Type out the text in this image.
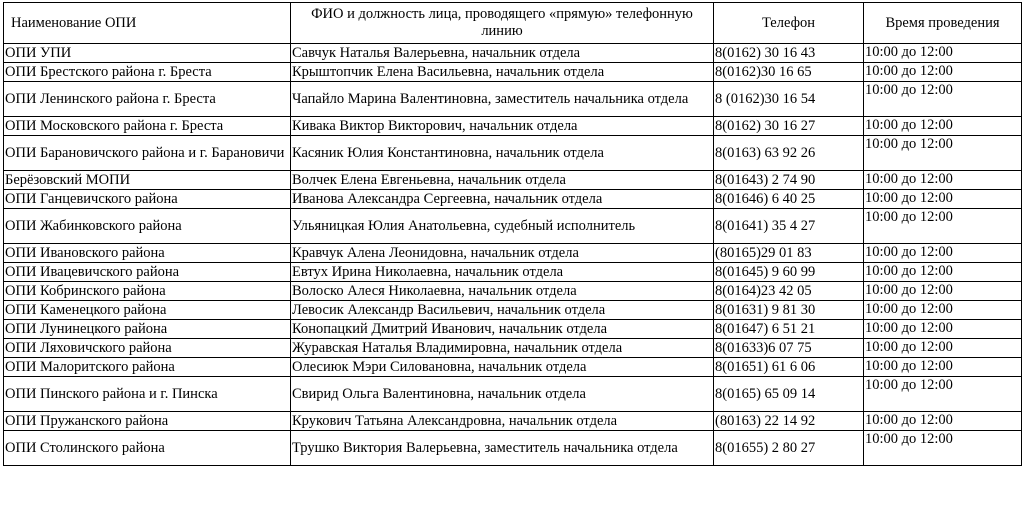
Наименование ОПИ	ФИО и должность лица, проводящего «прямую» телефонную линию	Телефон	Время проведения
ОПИ УПИ	Савчук Наталья Валерьевна, начальник отдела	8(0162) 30 16 43	10:00 до 12:00
ОПИ Брестского района г. Бреста	Крыштопчик Елена Васильевна, начальник отдела	8(0162)30 16 65	10:00 до 12:00
ОПИ Ленинского района г. Бреста	Чапайло Марина Валентиновна, заместитель начальника отдела	8 (0162)30 16 54	10:00 до 12:00
ОПИ Московского района г. Бреста	Кивака Виктор Викторович, начальник отдела	8(0162) 30 16 27	10:00 до 12:00
ОПИ Барановичского района и г. Барановичи	Касяник Юлия Константиновна, начальник отдела	8(0163) 63 92 26	10:00 до 12:00
Берёзовский МОПИ	Волчек Елена Евгеньевна, начальник отдела	8(01643) 2 74 90	10:00 до 12:00
ОПИ Ганцевичского района	Иванова Александра Сергеевна, начальник отдела	8(01646) 6 40 25	10:00 до 12:00
ОПИ Жабинковского района	Ульяницкая Юлия Анатольевна, судебный исполнитель	8(01641) 35 4 27	10:00 до 12:00
ОПИ Ивановского района	Кравчук Алена Леонидовна, начальник отдела	(80165)29 01 83	10:00 до 12:00
ОПИ Ивацевичского района	Евтух Ирина Николаевна, начальник отдела	8(01645) 9 60 99	10:00 до 12:00
ОПИ Кобринского района	Волоско Алеся Николаевна, начальник отдела	8(0164)23 42 05	10:00 до 12:00
ОПИ Каменецкого района	Левосик Александр Васильевич, начальник отдела	8(01631) 9 81 30	10:00 до 12:00
ОПИ Лунинецкого района	Конопацкий Дмитрий Иванович, начальник отдела	8(01647) 6 51 21	10:00 до 12:00
ОПИ Ляховичского района	Журавская Наталья Владимировна, начальник отдела	8(01633)6 07 75	10:00 до 12:00
ОПИ Малоритского района	Олесиюк Мэри Силовановна, начальник отдела	8(01651) 61 6 06	10:00 до 12:00
ОПИ Пинского района и г. Пинска	Свирид Ольга Валентиновна, начальник отдела	8(0165) 65 09 14	10:00 до 12:00
ОПИ Пружанского района	Крукович Татьяна Александровна, начальник отдела	(80163) 22 14 92	10:00 до 12:00
ОПИ Столинского района	Трушко Виктория Валерьевна, заместитель начальника отдела	8(01655) 2 80 27	10:00 до 12:00
